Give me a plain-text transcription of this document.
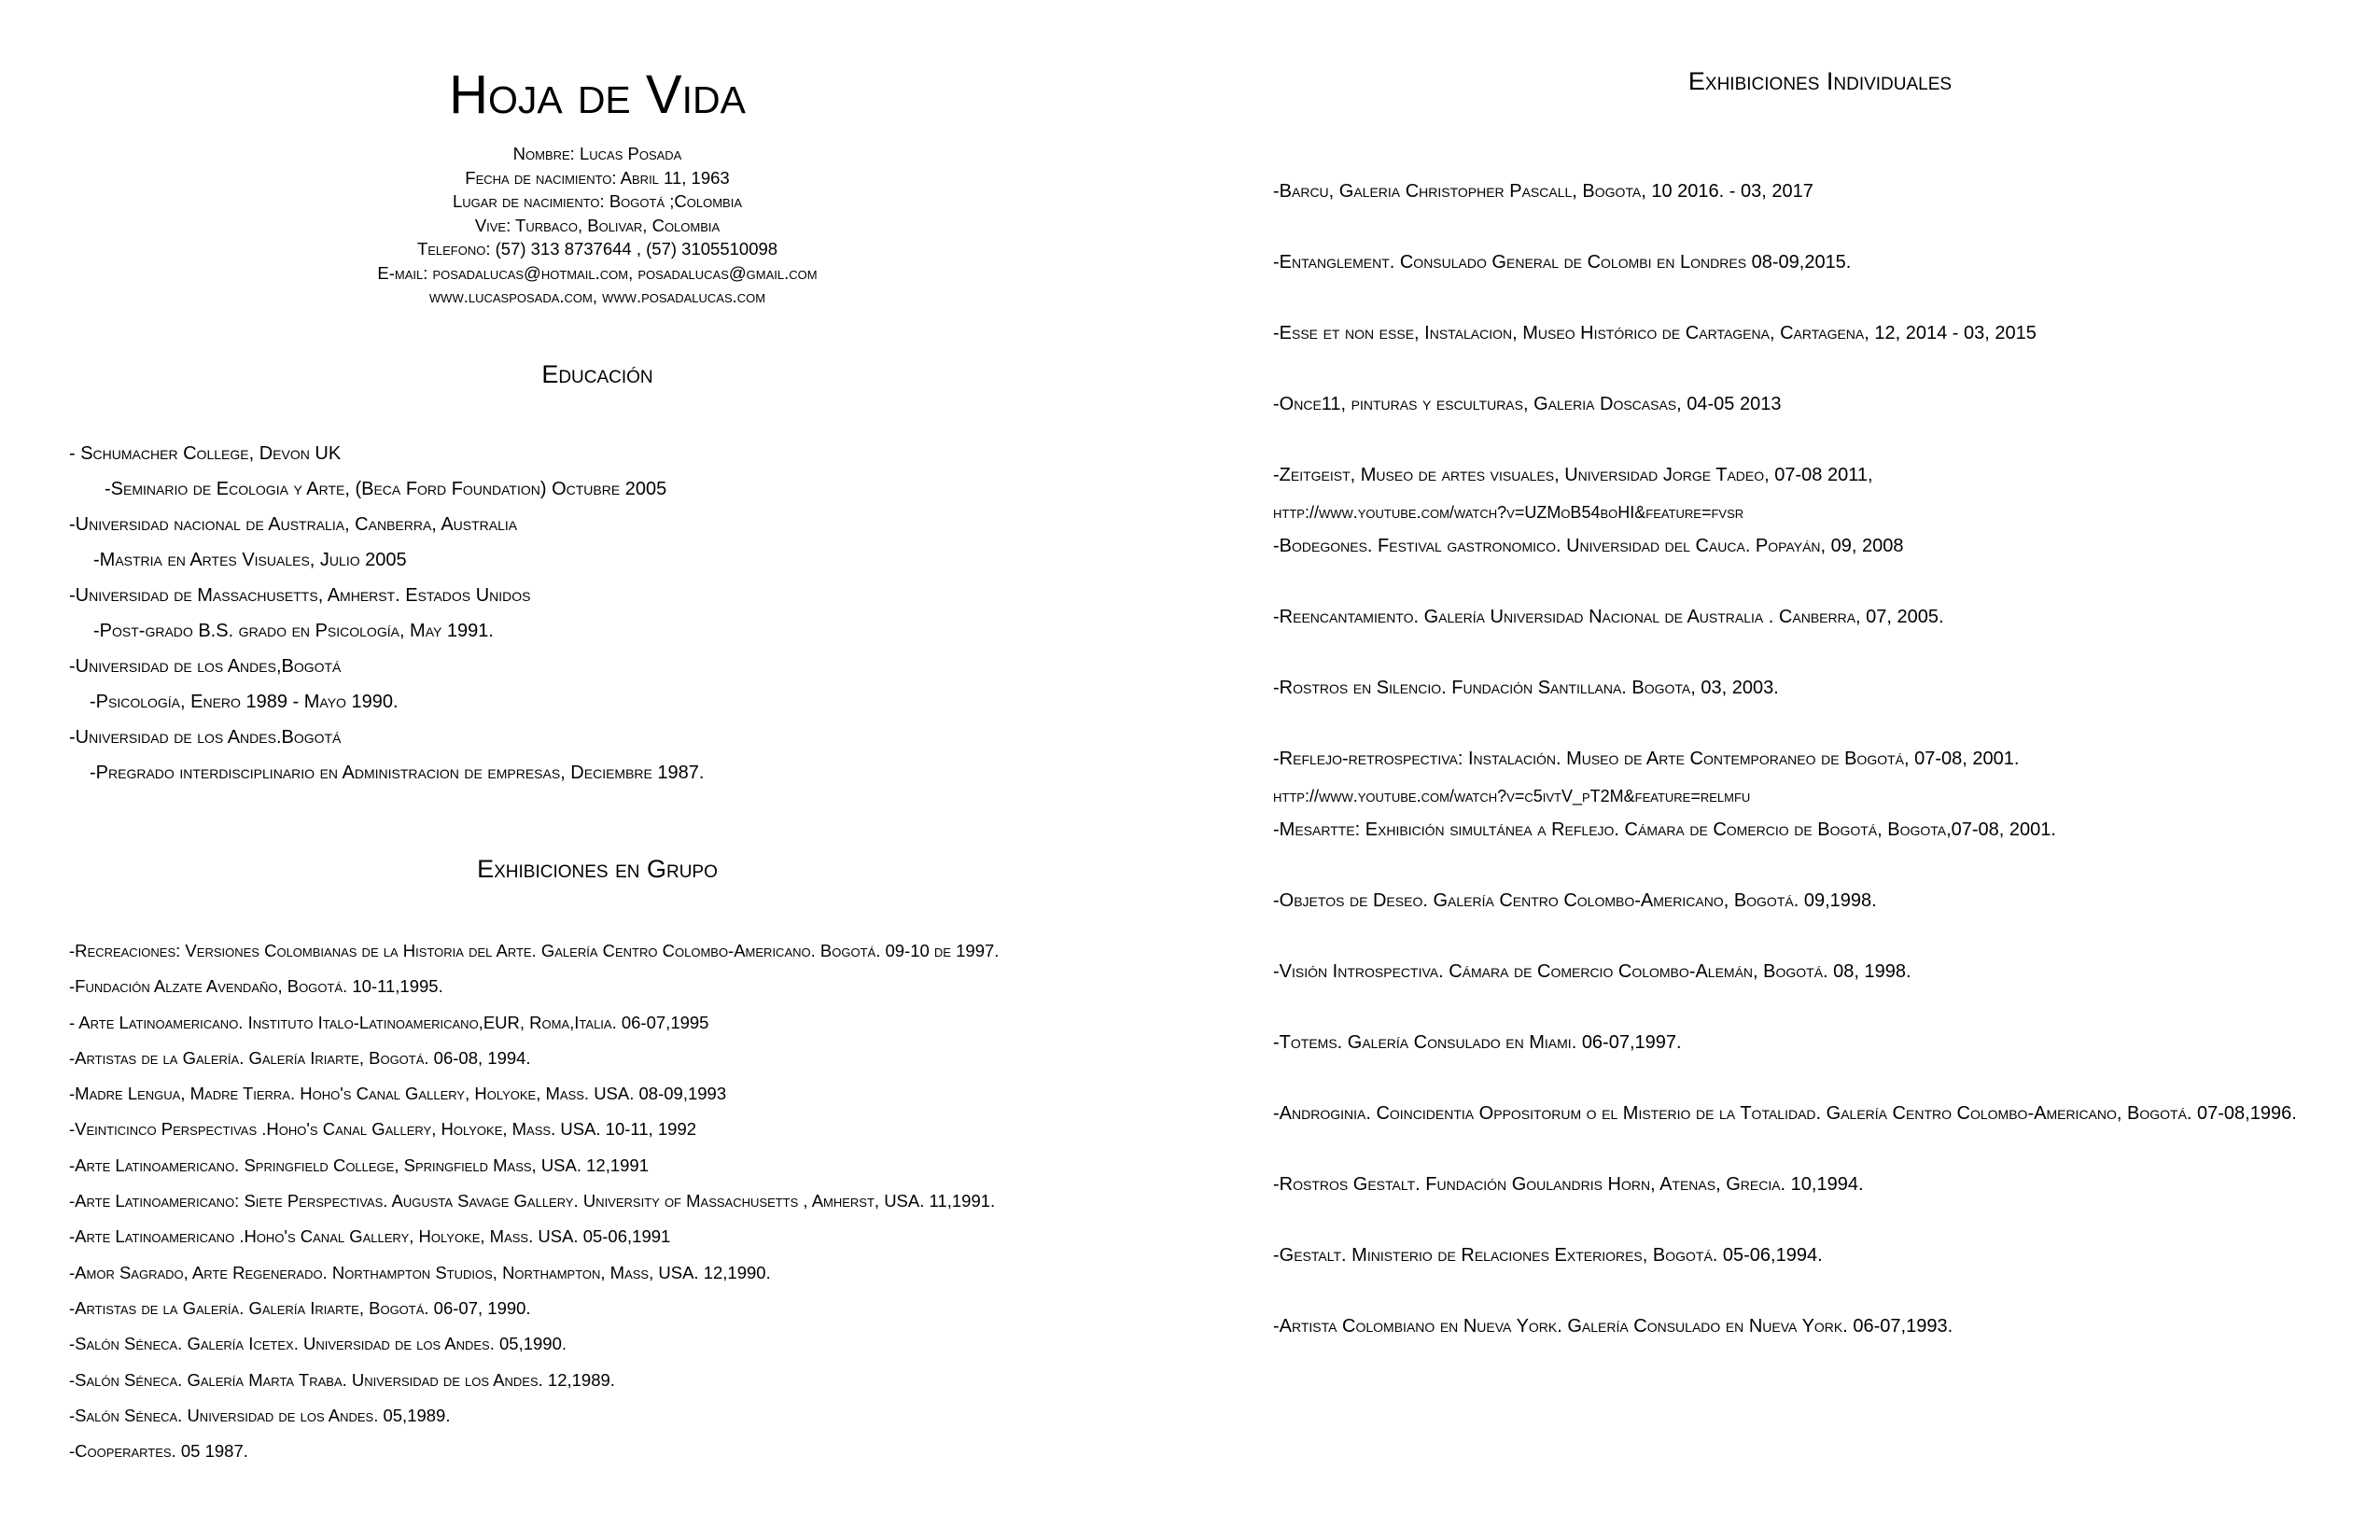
Hoja de Vida
Nombre: Lucas Posada
Fecha de nacimiento: Abril 11, 1963
Lugar de nacimiento: Bogotá ;Colombia
Vive: Turbaco, Bolivar, Colombia
Telefono: (57) 313 8737644 , (57) 3105510098
E-mail: posadalucas@hotmail.com, posadalucas@gmail.com
www.lucasposada.com, www.posadalucas.com
Educación
- Schumacher College, Devon UK
-Seminario de Ecologia y Arte, (Beca Ford Foundation) Octubre 2005
-Universidad nacional de Australia, Canberra, Australia
-Mastria en Artes Visuales, Julio 2005
-Universidad de Massachusetts, Amherst. Estados Unidos
-Post-grado B.S. grado en Psicología, May 1991.
-Universidad de los Andes,Bogotá
-Psicología, Enero 1989 - Mayo 1990.
-Universidad de los Andes.Bogotá
-Pregrado interdisciplinario en Administracion de empresas, Deciembre 1987.
Exhibiciones en Grupo
-Recreaciones: Versiones Colombianas de la Historia del Arte. Galería Centro Colombo-Americano. Bogotá. 09-10 de 1997.
-Fundación Alzate Avendaño, Bogotá. 10-11,1995.
- Arte Latinoamericano. Instituto Italo-Latinoamericano,EUR, Roma,Italia. 06-07,1995
-Artistas de la Galería. Galería Iriarte, Bogotá. 06-08, 1994.
-Madre Lengua, Madre Tierra. Hoho's Canal Gallery, Holyoke, Mass. USA. 08-09,1993
-Veinticinco Perspectivas .Hoho's Canal Gallery, Holyoke, Mass. USA. 10-11, 1992
-Arte Latinoamericano. Springfield College, Springfield Mass, USA. 12,1991
-Arte Latinoamericano: Siete Perspectivas. Augusta Savage Gallery. University of Massachusetts , Amherst, USA. 11,1991.
-Arte Latinoamericano .Hoho's Canal Gallery, Holyoke, Mass. USA. 05-06,1991
-Amor Sagrado, Arte Regenerado. Northampton Studios, Northampton, Mass, USA. 12,1990.
-Artistas de la Galería. Galería Iriarte, Bogotá. 06-07, 1990.
-Salón Séneca. Galería Icetex. Universidad de los Andes. 05,1990.
-Salón Séneca. Galería Marta Traba. Universidad de los Andes. 12,1989.
-Salón Séneca. Universidad de los Andes. 05,1989.
-Cooperartes. 05 1987.
Exhibiciones Individuales
-Barcu, Galeria Christopher Pascall, Bogota, 10 2016. - 03, 2017
-Entanglement. Consulado General de Colombi en Londres 08-09,2015.
-Esse et non esse, Instalacion, Museo Histórico de Cartagena, Cartagena, 12, 2014 - 03, 2015
-Once11, pinturas y esculturas, Galeria Doscasas, 04-05 2013
-Zeitgeist, Museo de artes visuales, Universidad Jorge Tadeo, 07-08 2011,
http://www.youtube.com/watch?v=UZMoB54boHI&feature=fvsr
-Bodegones. Festival gastronomico. Universidad del Cauca. Popayán, 09, 2008
-Reencantamiento. Galería Universidad Nacional de Australia . Canberra, 07, 2005.
-Rostros en Silencio. Fundación Santillana. Bogota, 03, 2003.
-Reflejo-retrospectiva: Instalación. Museo de Arte Contemporaneo de Bogotá, 07-08, 2001.
http://www.youtube.com/watch?v=c5ivtV_pT2M&feature=relmfu
-Mesartte: Exhibición simultánea a Reflejo. Cámara de Comercio de Bogotá, Bogota,07-08, 2001.
-Objetos de Deseo. Galería Centro Colombo-Americano, Bogotá. 09,1998.
-Visión Introspectiva. Cámara de Comercio Colombo-Alemán, Bogotá. 08, 1998.
-Totems. Galería Consulado en Miami. 06-07,1997.
-Androginia. Coincidentia Oppositorum o el Misterio de la Totalidad. Galería Centro Colombo-Americano, Bogotá. 07-08,1996.
-Rostros Gestalt. Fundación Goulandris Horn, Atenas, Grecia. 10,1994.
-Gestalt. Ministerio de Relaciones Exteriores, Bogotá. 05-06,1994.
-Artista Colombiano en Nueva York. Galería Consulado en Nueva York. 06-07,1993.
